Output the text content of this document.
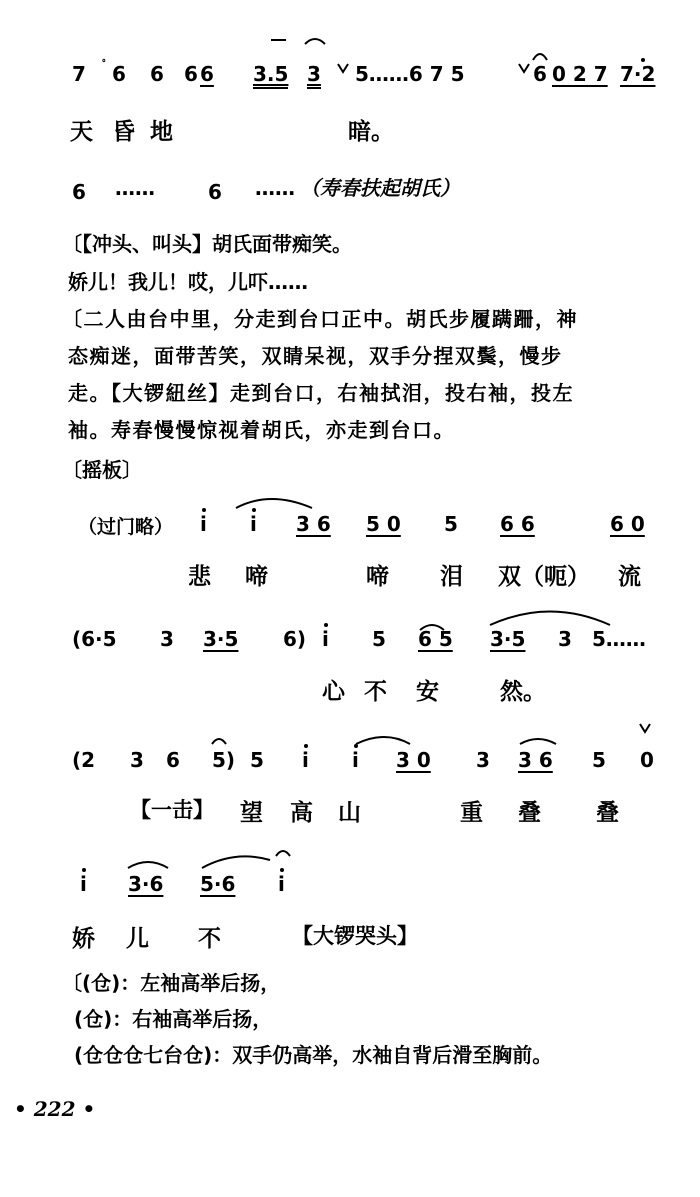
7 ﾟ 6 6 6 6 3.5 3 5……6 7 5	6 0 2 7 7·2
天 昏 地	暗。
6 ……	6 …… （寿春扶起胡氏）
〔【冲头、叫头】胡氏面带痴笑。
娇儿！我儿！哎，儿吓……
〔二人由台中里，分走到台口正中。胡氏步履蹒跚，神
态痴迷，面带苦笑，双睛呆视，双手分捏双鬓，慢步
走。【大锣紐丝】走到台口，右袖拭泪，投右袖，投左
袖。寿春慢慢惊视着胡氏，亦走到台口。
〔摇板〕
（过门略） i i 3 6 5 0 5 6 6	6 0
悲 啼	啼 泪 双（呃） 流
(6·5 3 3·5 6) i 5 6 5 3·5 3 5……
心 不 安	然。
(2 3 6 5) 5 i i 3 0 3 3 6 5 0
【一击】 望 高 山	重 叠 叠
i 3·6 5·6 i
娇 儿 不	【大锣哭头】
〔(仓)：左袖高举后扬，
(仓)：右袖高举后扬，
(仓仓仓七台仓)：双手仍高举，水袖自背后滑至胸前。
• 222 •
